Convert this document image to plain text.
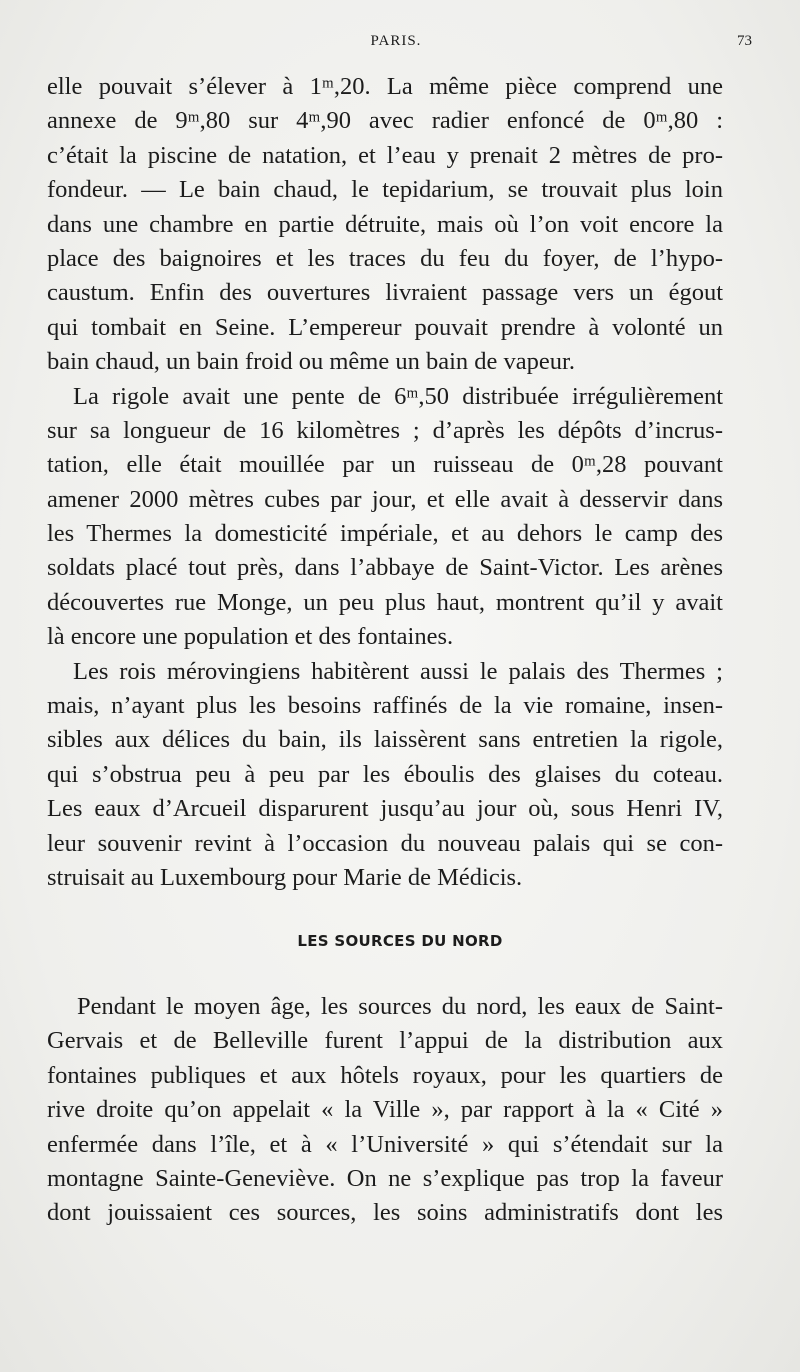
PARIS.	73
elle pouvait s’élever à 1ᵐ,20. La même pièce comprend une
annexe de 9ᵐ,80 sur 4ᵐ,90 avec radier enfoncé de 0ᵐ,80 :
c’était la piscine de natation, et l’eau y prenait 2 mètres de pro-
fondeur. — Le bain chaud, le tepidarium, se trouvait plus loin
dans une chambre en partie détruite, mais où l’on voit encore la
place des baignoires et les traces du feu du foyer, de l’hypo-
caustum. Enfin des ouvertures livraient passage vers un égout
qui tombait en Seine. L’empereur pouvait prendre à volonté un
bain chaud, un bain froid ou même un bain de vapeur.
La rigole avait une pente de 6ᵐ,50 distribuée irrégulièrement
sur sa longueur de 16 kilomètres ; d’après les dépôts d’incrus-
tation, elle était mouillée par un ruisseau de 0ᵐ,28 pouvant
amener 2000 mètres cubes par jour, et elle avait à desservir dans
les Thermes la domesticité impériale, et au dehors le camp des
soldats placé tout près, dans l’abbaye de Saint-Victor. Les arènes
découvertes rue Monge, un peu plus haut, montrent qu’il y avait
là encore une population et des fontaines.
Les rois mérovingiens habitèrent aussi le palais des Thermes ;
mais, n’ayant plus les besoins raffinés de la vie romaine, insen-
sibles aux délices du bain, ils laissèrent sans entretien la rigole,
qui s’obstrua peu à peu par les éboulis des glaises du coteau.
Les eaux d’Arcueil disparurent jusqu’au jour où, sous Henri IV,
leur souvenir revint à l’occasion du nouveau palais qui se con-
struisait au Luxembourg pour Marie de Médicis.
LES SOURCES DU NORD
Pendant le moyen âge, les sources du nord, les eaux de Saint-
Gervais et de Belleville furent l’appui de la distribution aux
fontaines publiques et aux hôtels royaux, pour les quartiers de
rive droite qu’on appelait « la Ville », par rapport à la « Cité »
enfermée dans l’île, et à « l’Université » qui s’étendait sur la
montagne Sainte-Geneviève. On ne s’explique pas trop la faveur
dont jouissaient ces sources, les soins administratifs dont les
